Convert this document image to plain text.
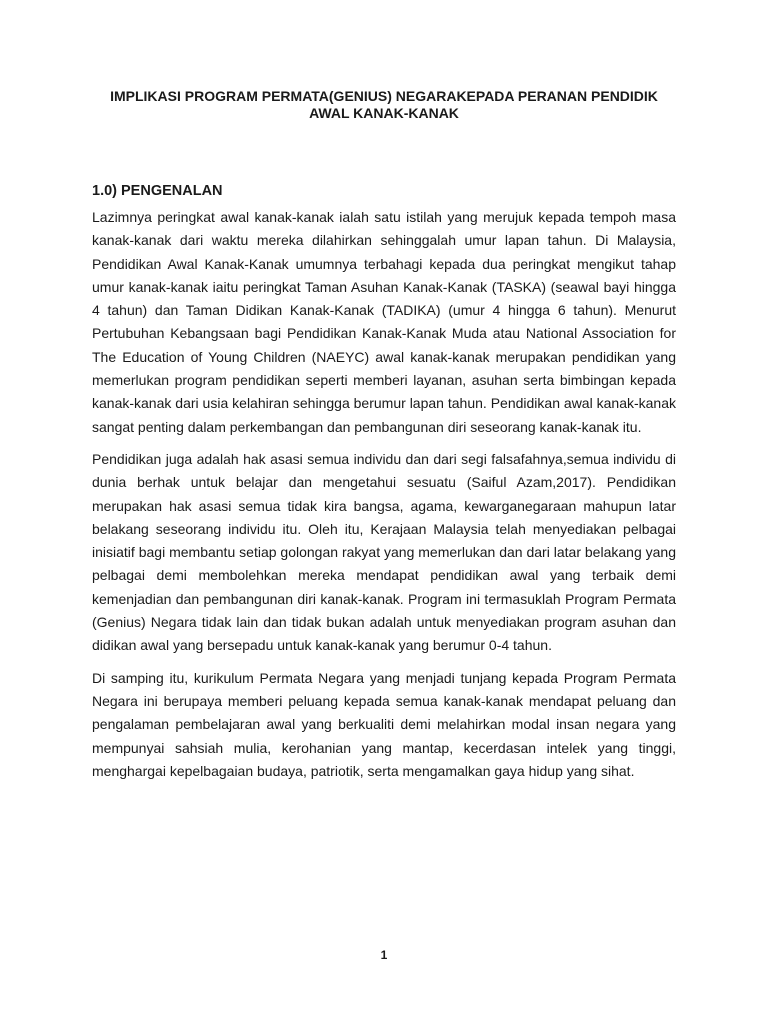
IMPLIKASI PROGRAM PERMATA(GENIUS) NEGARAKEPADA PERANAN PENDIDIK
AWAL KANAK-KANAK
1.0) PENGENALAN

Lazimnya peringkat awal kanak-kanak ialah satu istilah yang merujuk kepada tempoh masa kanak-kanak dari waktu mereka dilahirkan sehinggalah umur lapan tahun. Di Malaysia, Pendidikan Awal Kanak-Kanak umumnya terbahagi kepada dua peringkat mengikut tahap umur kanak-kanak iaitu peringkat Taman Asuhan Kanak-Kanak (TASKA) (seawal bayi hingga 4 tahun) dan Taman Didikan Kanak-Kanak (TADIKA) (umur 4 hingga 6 tahun). Menurut Pertubuhan Kebangsaan bagi Pendidikan Kanak-Kanak Muda atau National Association for The Education of Young Children (NAEYC) awal kanak-kanak merupakan pendidikan yang memerlukan program pendidikan seperti memberi layanan, asuhan serta bimbingan kepada kanak-kanak dari usia kelahiran sehingga berumur lapan tahun. Pendidikan awal kanak-kanak sangat penting dalam perkembangan dan pembangunan diri seseorang kanak-kanak itu.

Pendidikan juga adalah hak asasi semua individu dan dari segi falsafahnya,semua individu di dunia berhak untuk belajar dan mengetahui sesuatu (Saiful Azam,2017). Pendidikan merupakan hak asasi semua tidak kira bangsa, agama, kewarganegaraan mahupun latar belakang seseorang individu itu. Oleh itu, Kerajaan Malaysia telah menyediakan pelbagai inisiatif bagi membantu setiap golongan rakyat yang memerlukan dan dari latar belakang yang pelbagai demi membolehkan mereka mendapat pendidikan awal yang terbaik demi kemenjadian dan pembangunan diri kanak-kanak. Program ini termasuklah Program Permata (Genius) Negara tidak lain dan tidak bukan adalah untuk menyediakan program asuhan dan didikan awal yang bersepadu untuk kanak-kanak yang berumur 0-4 tahun.

Di samping itu, kurikulum Permata Negara yang menjadi tunjang kepada Program Permata Negara ini berupaya memberi peluang kepada semua kanak-kanak mendapat peluang dan pengalaman pembelajaran awal yang berkualiti demi melahirkan modal insan negara yang mempunyai sahsiah mulia, kerohanian yang mantap, kecerdasan intelek yang tinggi, menghargai kepelbagaian budaya, patriotik, serta mengamalkan gaya hidup yang sihat.

1
